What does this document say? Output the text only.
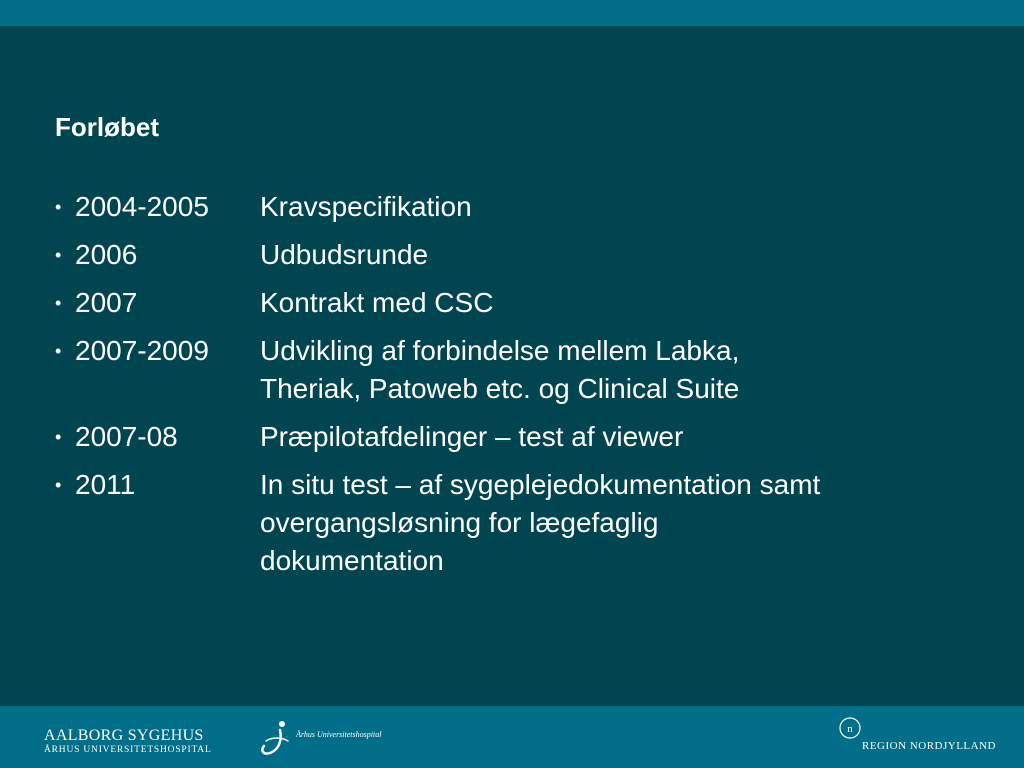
Forløbet
• 2004-2005	Kravspecifikation
• 2006	Udbudsrunde
• 2007	Kontrakt med CSC
• 2007-2009	Udvikling af forbindelse mellem Labka,
Theriak, Patoweb etc. og Clinical Suite
• 2007-08	Præpilotafdelinger – test af viewer
• 2011	In situ test – af sygeplejedokumentation samt
overgangsløsning for lægefaglig
dokumentation
AALBORG SYGEHUS
ÅRHUS UNIVERSITETSHOSPITAL
Århus Universitetshospital	n
REGION NORDJYLLAND
